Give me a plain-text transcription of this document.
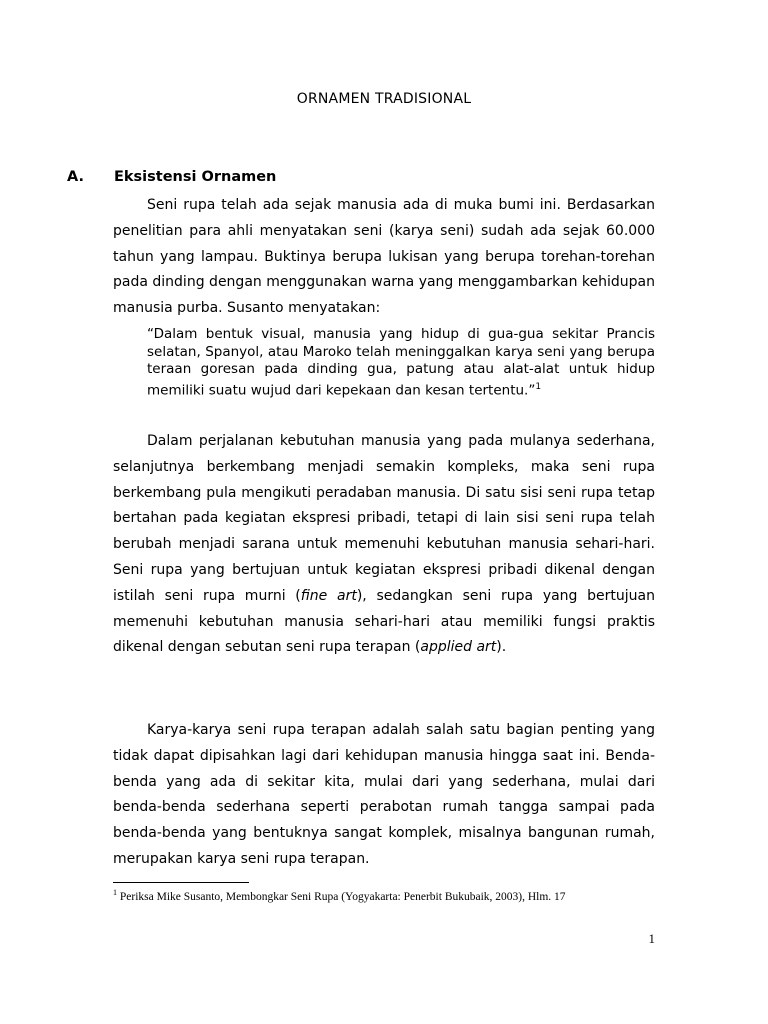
ORNAMEN TRADISIONAL
A. Eksistensi Ornamen

Seni rupa telah ada sejak manusia ada di muka bumi ini. Berdasarkan penelitian para ahli menyatakan seni (karya seni) sudah ada sejak 60.000 tahun yang lampau. Buktinya berupa lukisan yang berupa torehan-torehan pada dinding dengan menggunakan warna yang menggambarkan kehidupan manusia purba. Susanto menyatakan:

“Dalam bentuk visual, manusia yang hidup di gua-gua sekitar Prancis selatan, Spanyol, atau Maroko telah meninggalkan karya seni yang berupa teraan goresan pada dinding gua, patung atau alat-alat untuk hidup memiliki suatu wujud dari kepekaan dan kesan tertentu.”$^1$

Dalam perjalanan kebutuhan manusia yang pada mulanya sederhana, selanjutnya berkembang menjadi semakin kompleks, maka seni rupa berkembang pula mengikuti peradaban manusia. Di satu sisi seni rupa tetap bertahan pada kegiatan ekspresi pribadi, tetapi di lain sisi seni rupa telah berubah menjadi sarana untuk memenuhi kebutuhan manusia sehari-hari. Seni rupa yang bertujuan untuk kegiatan ekspresi pribadi dikenal dengan istilah seni rupa murni (fine art), sedangkan seni rupa yang bertujuan memenuhi kebutuhan manusia sehari-hari atau memiliki fungsi praktis dikenal dengan sebutan seni rupa terapan (applied art).

Karya-karya seni rupa terapan adalah salah satu bagian penting yang tidak dapat dipisahkan lagi dari kehidupan manusia hingga saat ini. Benda-benda yang ada di sekitar kita, mulai dari yang sederhana, mulai dari benda-benda sederhana seperti perabotan rumah tangga sampai pada benda-benda yang bentuknya sangat komplek, misalnya bangunan rumah, merupakan karya seni rupa terapan.

$^1$ Periksa Mike Susanto, Membongkar Seni Rupa (Yogyakarta: Penerbit Bukubaik, 2003), Hlm. 17
1
